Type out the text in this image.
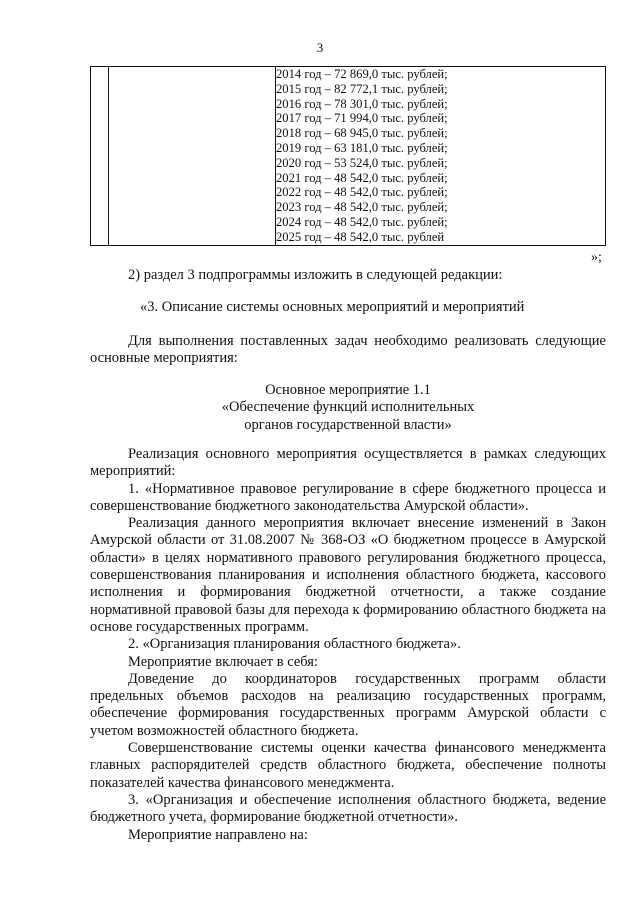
3

2014 год – 72 869,0 тыс. рублей;
2015 год – 82 772,1 тыс. рублей;
2016 год – 78 301,0 тыс. рублей;
2017 год – 71 994,0 тыс. рублей;
2018 год – 68 945,0 тыс. рублей;
2019 год – 63 181,0 тыс. рублей;
2020 год – 53 524,0 тыс. рублей;
2021 год – 48 542,0 тыс. рублей;
2022 год – 48 542,0 тыс. рублей;
2023 год – 48 542,0 тыс. рублей;
2024 год – 48 542,0 тыс. рублей;
2025 год – 48 542,0 тыс. рублей
»;
2) раздел 3 подпрограммы изложить в следующей редакции:
«3. Описание системы основных мероприятий и мероприятий
Для выполнения поставленных задач необходимо реализовать следующие основные мероприятия:
Основное мероприятие 1.1
«Обеспечение функций исполнительных
органов государственной власти»

Реализация основного мероприятия осуществляется в рамках следующих мероприятий:

1. «Нормативное правовое регулирование в сфере бюджетного процесса и совершенствование бюджетного законодательства Амурской области».

Реализация данного мероприятия включает внесение изменений в Закон Амурской области от 31.08.2007 № 368-ОЗ «О бюджетном процессе в Амурской области» в целях нормативного правового регулирования бюджетного процесса, совершенствования планирования и исполнения областного бюджета, кассового исполнения и формирования бюджетной отчетности, а также создание нормативной правовой базы для перехода к формированию областного бюджета на основе государственных программ.

2. «Организация планирования областного бюджета».

Мероприятие включает в себя:

Доведение до координаторов государственных программ области предельных объемов расходов на реализацию государственных программ, обеспечение формирования государственных программ Амурской области с учетом возможностей областного бюджета.

Совершенствование системы оценки качества финансового менеджмента главных распорядителей средств областного бюджета, обеспечение полноты показателей качества финансового менеджмента.

3. «Организация и обеспечение исполнения областного бюджета, ведение бюджетного учета, формирование бюджетной отчетности».

Мероприятие направлено на:
